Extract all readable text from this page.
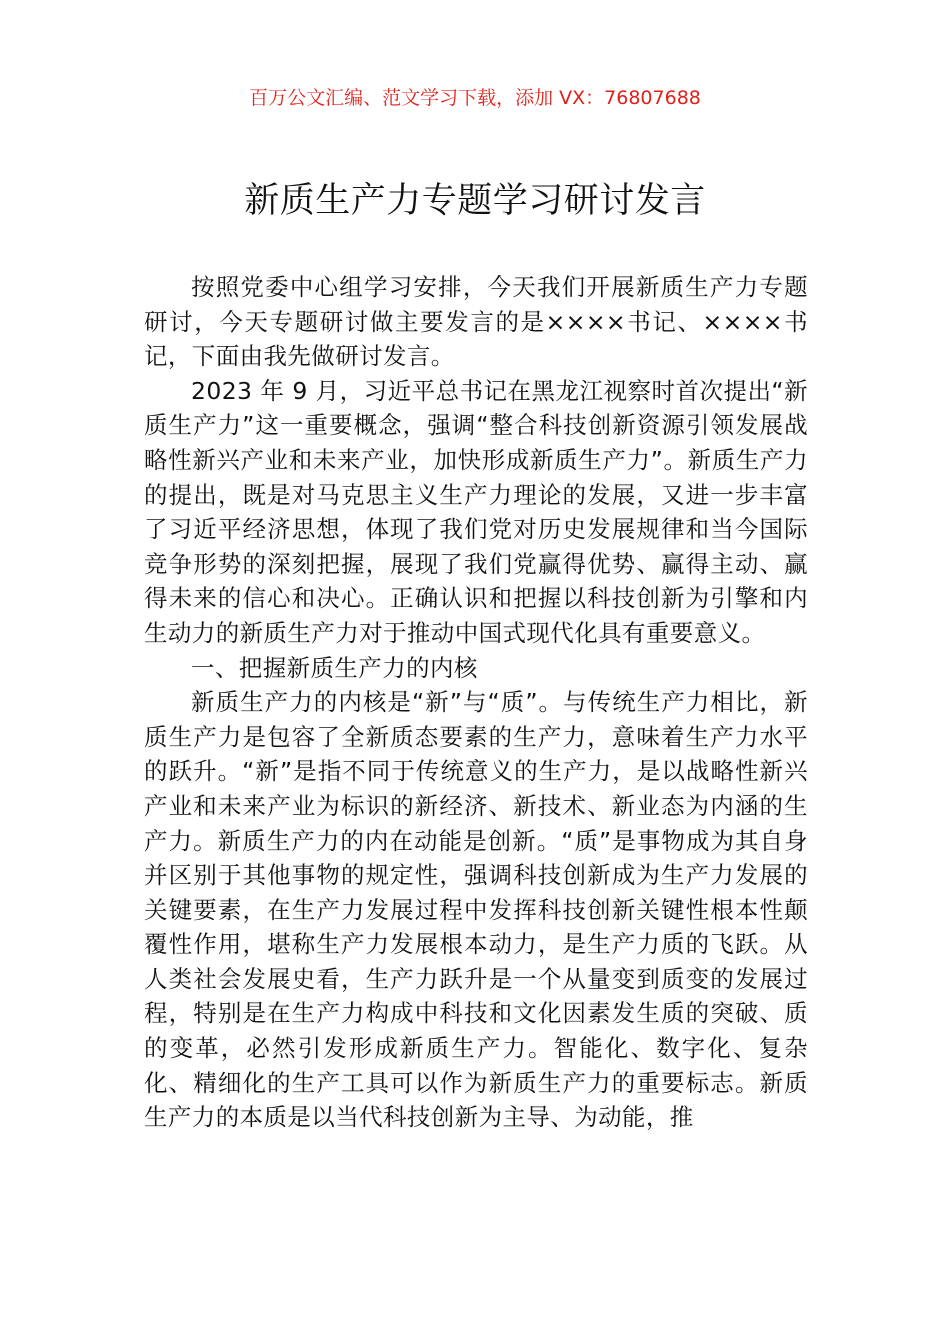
百万公文汇编、范文学习下载，添加 VX：76807688
新质生产力专题学习研讨发言

按照党委中心组学习安排，今天我们开展新质生产力专题研讨，今天专题研讨做主要发言的是××××书记、××××书记，下面由我先做研讨发言。

2023 年 9 月，习近平总书记在黑龙江视察时首次提出“新质生产力”这一重要概念，强调“整合科技创新资源引领发展战略性新兴产业和未来产业，加快形成新质生产力”。新质生产力的提出，既是对马克思主义生产力理论的发展，又进一步丰富了习近平经济思想，体现了我们党对历史发展规律和当今国际竞争形势的深刻把握，展现了我们党赢得优势、赢得主动、赢得未来的信心和决心。正确认识和把握以科技创新为引擎和内生动力的新质生产力对于推动中国式现代化具有重要意义。

一、把握新质生产力的内核

新质生产力的内核是“新”与“质”。与传统生产力相比，新质生产力是包容了全新质态要素的生产力，意味着生产力水平的跃升。“新”是指不同于传统意义的生产力，是以战略性新兴产业和未来产业为标识的新经济、新技术、新业态为内涵的生产力。新质生产力的内在动能是创新。“质”是事物成为其自身并区别于其他事物的规定性，强调科技创新成为生产力发展的关键要素，在生产力发展过程中发挥科技创新关键性根本性颠覆性作用，堪称生产力发展根本动力，是生产力质的飞跃。从人类社会发展史看，生产力跃升是一个从量变到质变的发展过程，特别是在生产力构成中科技和文化因素发生质的突破、质的变革，必然引发形成新质生产力。智能化、数字化、复杂化、精细化的生产工具可以作为新质生产力的重要标志。新质生产力的本质是以当代科技创新为主导、为动能，推
